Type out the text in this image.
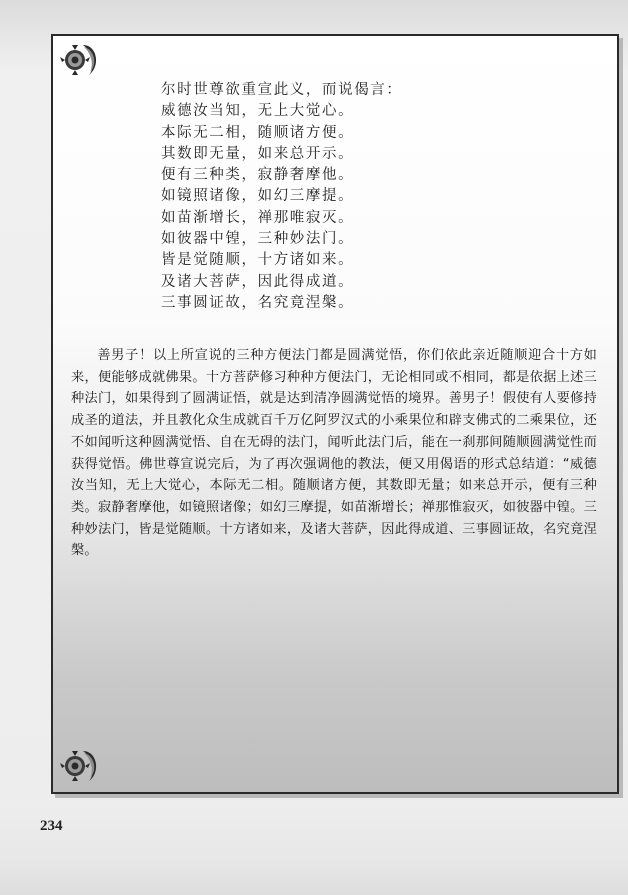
尔时世尊欲重宣此义，而说偈言：
威德汝当知，无上大觉心。
本际无二相，随顺诸方便。
其数即无量，如来总开示。
便有三种类，寂静奢摩他。
如镜照诸像，如幻三摩提。
如苗渐增长，禅那唯寂灭。
如彼器中锽，三种妙法门。
皆是觉随顺，十方诸如来。
及诸大菩萨，因此得成道。
三事圆证故，名究竟涅槃。

善男子！以上所宣说的三种方便法门都是圆满觉悟，你们依此亲近随顺迎合十方如来，便能够成就佛果。十方菩萨修习种种方便法门，无论相同或不相同，都是依据上述三种法门，如果得到了圆满证悟，就是达到清净圆满觉悟的境界。善男子！假使有人要修持成圣的道法，并且教化众生成就百千万亿阿罗汉式的小乘果位和辟支佛式的二乘果位，还不如闻听这种圆满觉悟、自在无碍的法门，闻听此法门后，能在一刹那间随顺圆满觉性而获得觉悟。佛世尊宣说完后，为了再次强调他的教法，便又用偈语的形式总结道：“威德汝当知，无上大觉心，本际无二相。随顺诸方便，其数即无量；如来总开示，便有三种类。寂静奢摩他，如镜照诸像；如幻三摩提，如苗渐增长；禅那惟寂灭，如彼器中锽。三种妙法门，皆是觉随顺。十方诸如来，及诸大菩萨，因此得成道、三事圆证故，名究竟涅槃。

234
